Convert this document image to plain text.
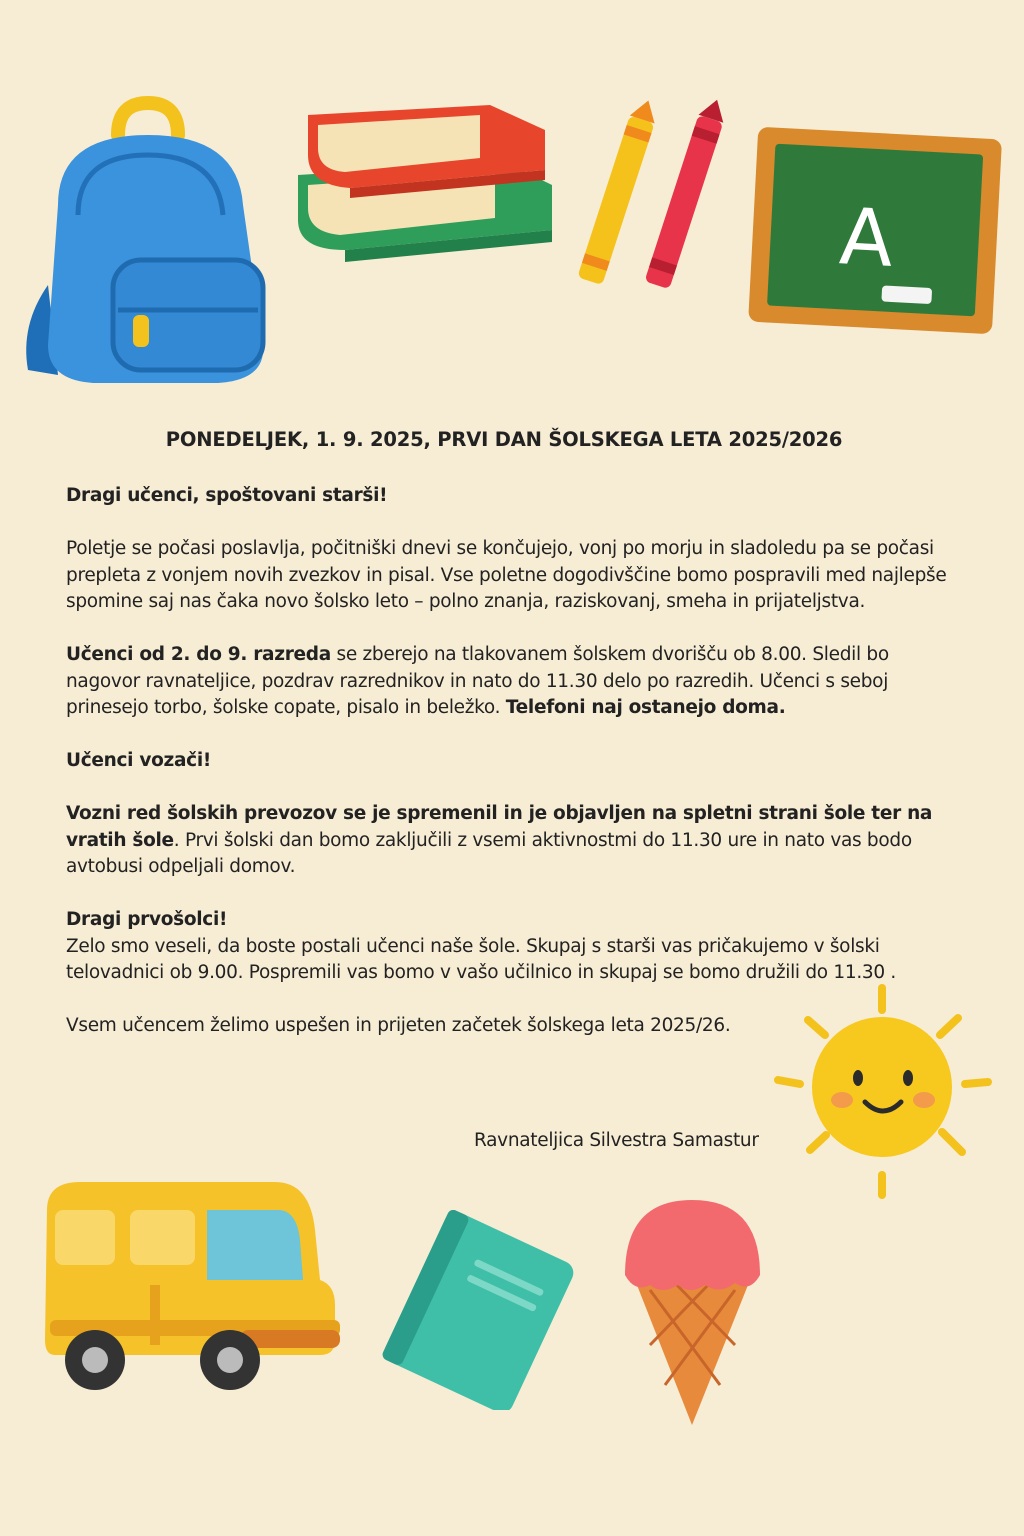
A
PONEDELJEK, 1. 9. 2025, PRVI DAN ŠOLSKEGA LETA 2025/2026

Dragi učenci, spoštovani starši!

Poletje se počasi poslavlja, počitniški dnevi se končujejo, vonj po morju in sladoledu pa se počasi prepleta z vonjem novih zvezkov in pisal. Vse poletne dogodivščine bomo pospravili med najlepše spomine saj nas čaka novo šolsko leto – polno znanja, raziskovanj, smeha in prijateljstva.

Učenci od 2. do 9. razreda se zberejo na tlakovanem šolskem dvorišču ob 8.00. Sledil bo nagovor ravnateljice, pozdrav razrednikov in nato do 11.30 delo po razredih. Učenci s seboj prinesejo torbo, šolske copate, pisalo in beležko. Telefoni naj ostanejo doma.

Učenci vozači!

Vozni red šolskih prevozov se je spremenil in je objavljen na spletni strani šole ter na vratih šole. Prvi šolski dan bomo zaključili z vsemi aktivnostmi do 11.30 ure in nato vas bodo avtobusi odpeljali domov.

Dragi prvošolci!
Zelo smo veseli, da boste postali učenci naše šole. Skupaj s starši vas pričakujemo v šolski telovadnici ob 9.00. Pospremili vas bomo v vašo učilnico in skupaj se bomo družili do 11.30 .

Vsem učencem želimo uspešen in prijeten začetek šolskega leta 2025/26.

Ravnateljica Silvestra Samastur
